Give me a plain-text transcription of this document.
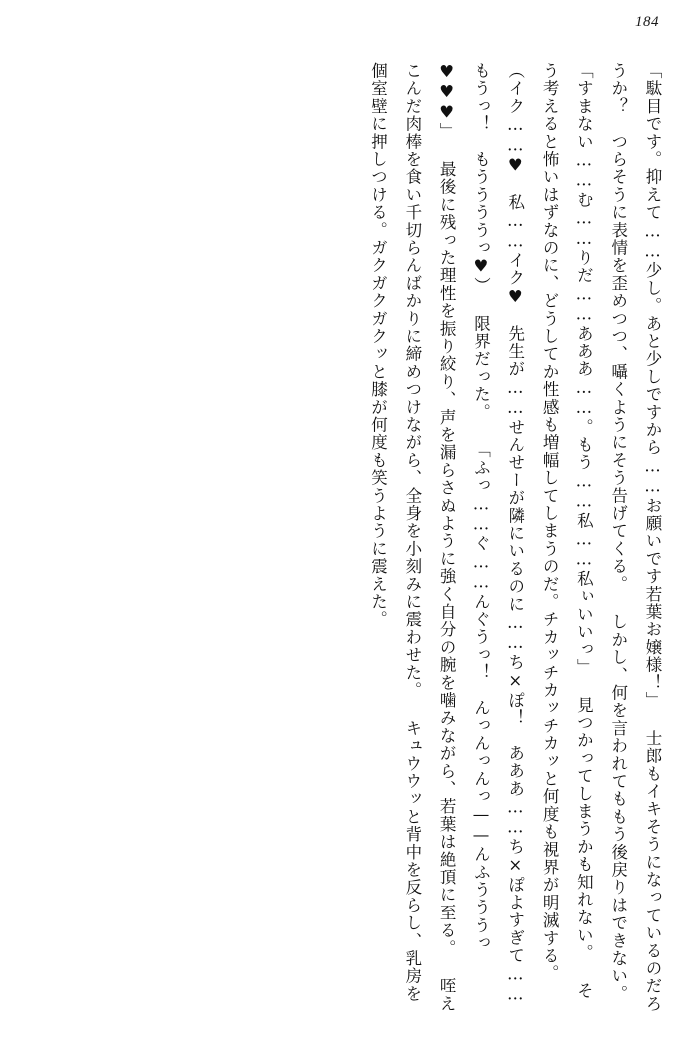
184
「駄目です。抑えて……少し。あと少しですから……お願いです若葉お嬢様！」 士郎もイキそうになっているのだろうか？　つらそうに表情を歪めつつ、囁くようにそう告げてくる。 しかし、何を言われてももう後戻りはできない。 「すまない……む……りだ……あああ……。もう……私……私ぃいいっ」 見つかってしまうかも知れない。 そう考えると怖いはずなのに、どうしてか性感も増幅してしまうのだ。チカッチカッチカッと何度も視界が明滅する。 （イク……♥　私……イク♥　先生が……せんせーが隣にいるのに……ち×ぽ！　あああ……ち×ぽよすぎて……もうっ！　もううううっ♥） 限界だった。 「ふっ……ぐ……んぐうっ！　んっんっんっ——んふうううっ♥♥♥」 最後に残った理性を振り絞り、声を漏らさぬように強く自分の腕を噛みながら、若葉は絶頂に至る。 咥えこんだ肉棒を食い千切らんばかりに締めつけながら、全身を小刻みに震わせた。 キュウウッと背中を反らし、乳房を個室壁に押しつける。ガクガクガクッと膝が何度も笑うように震えた。
